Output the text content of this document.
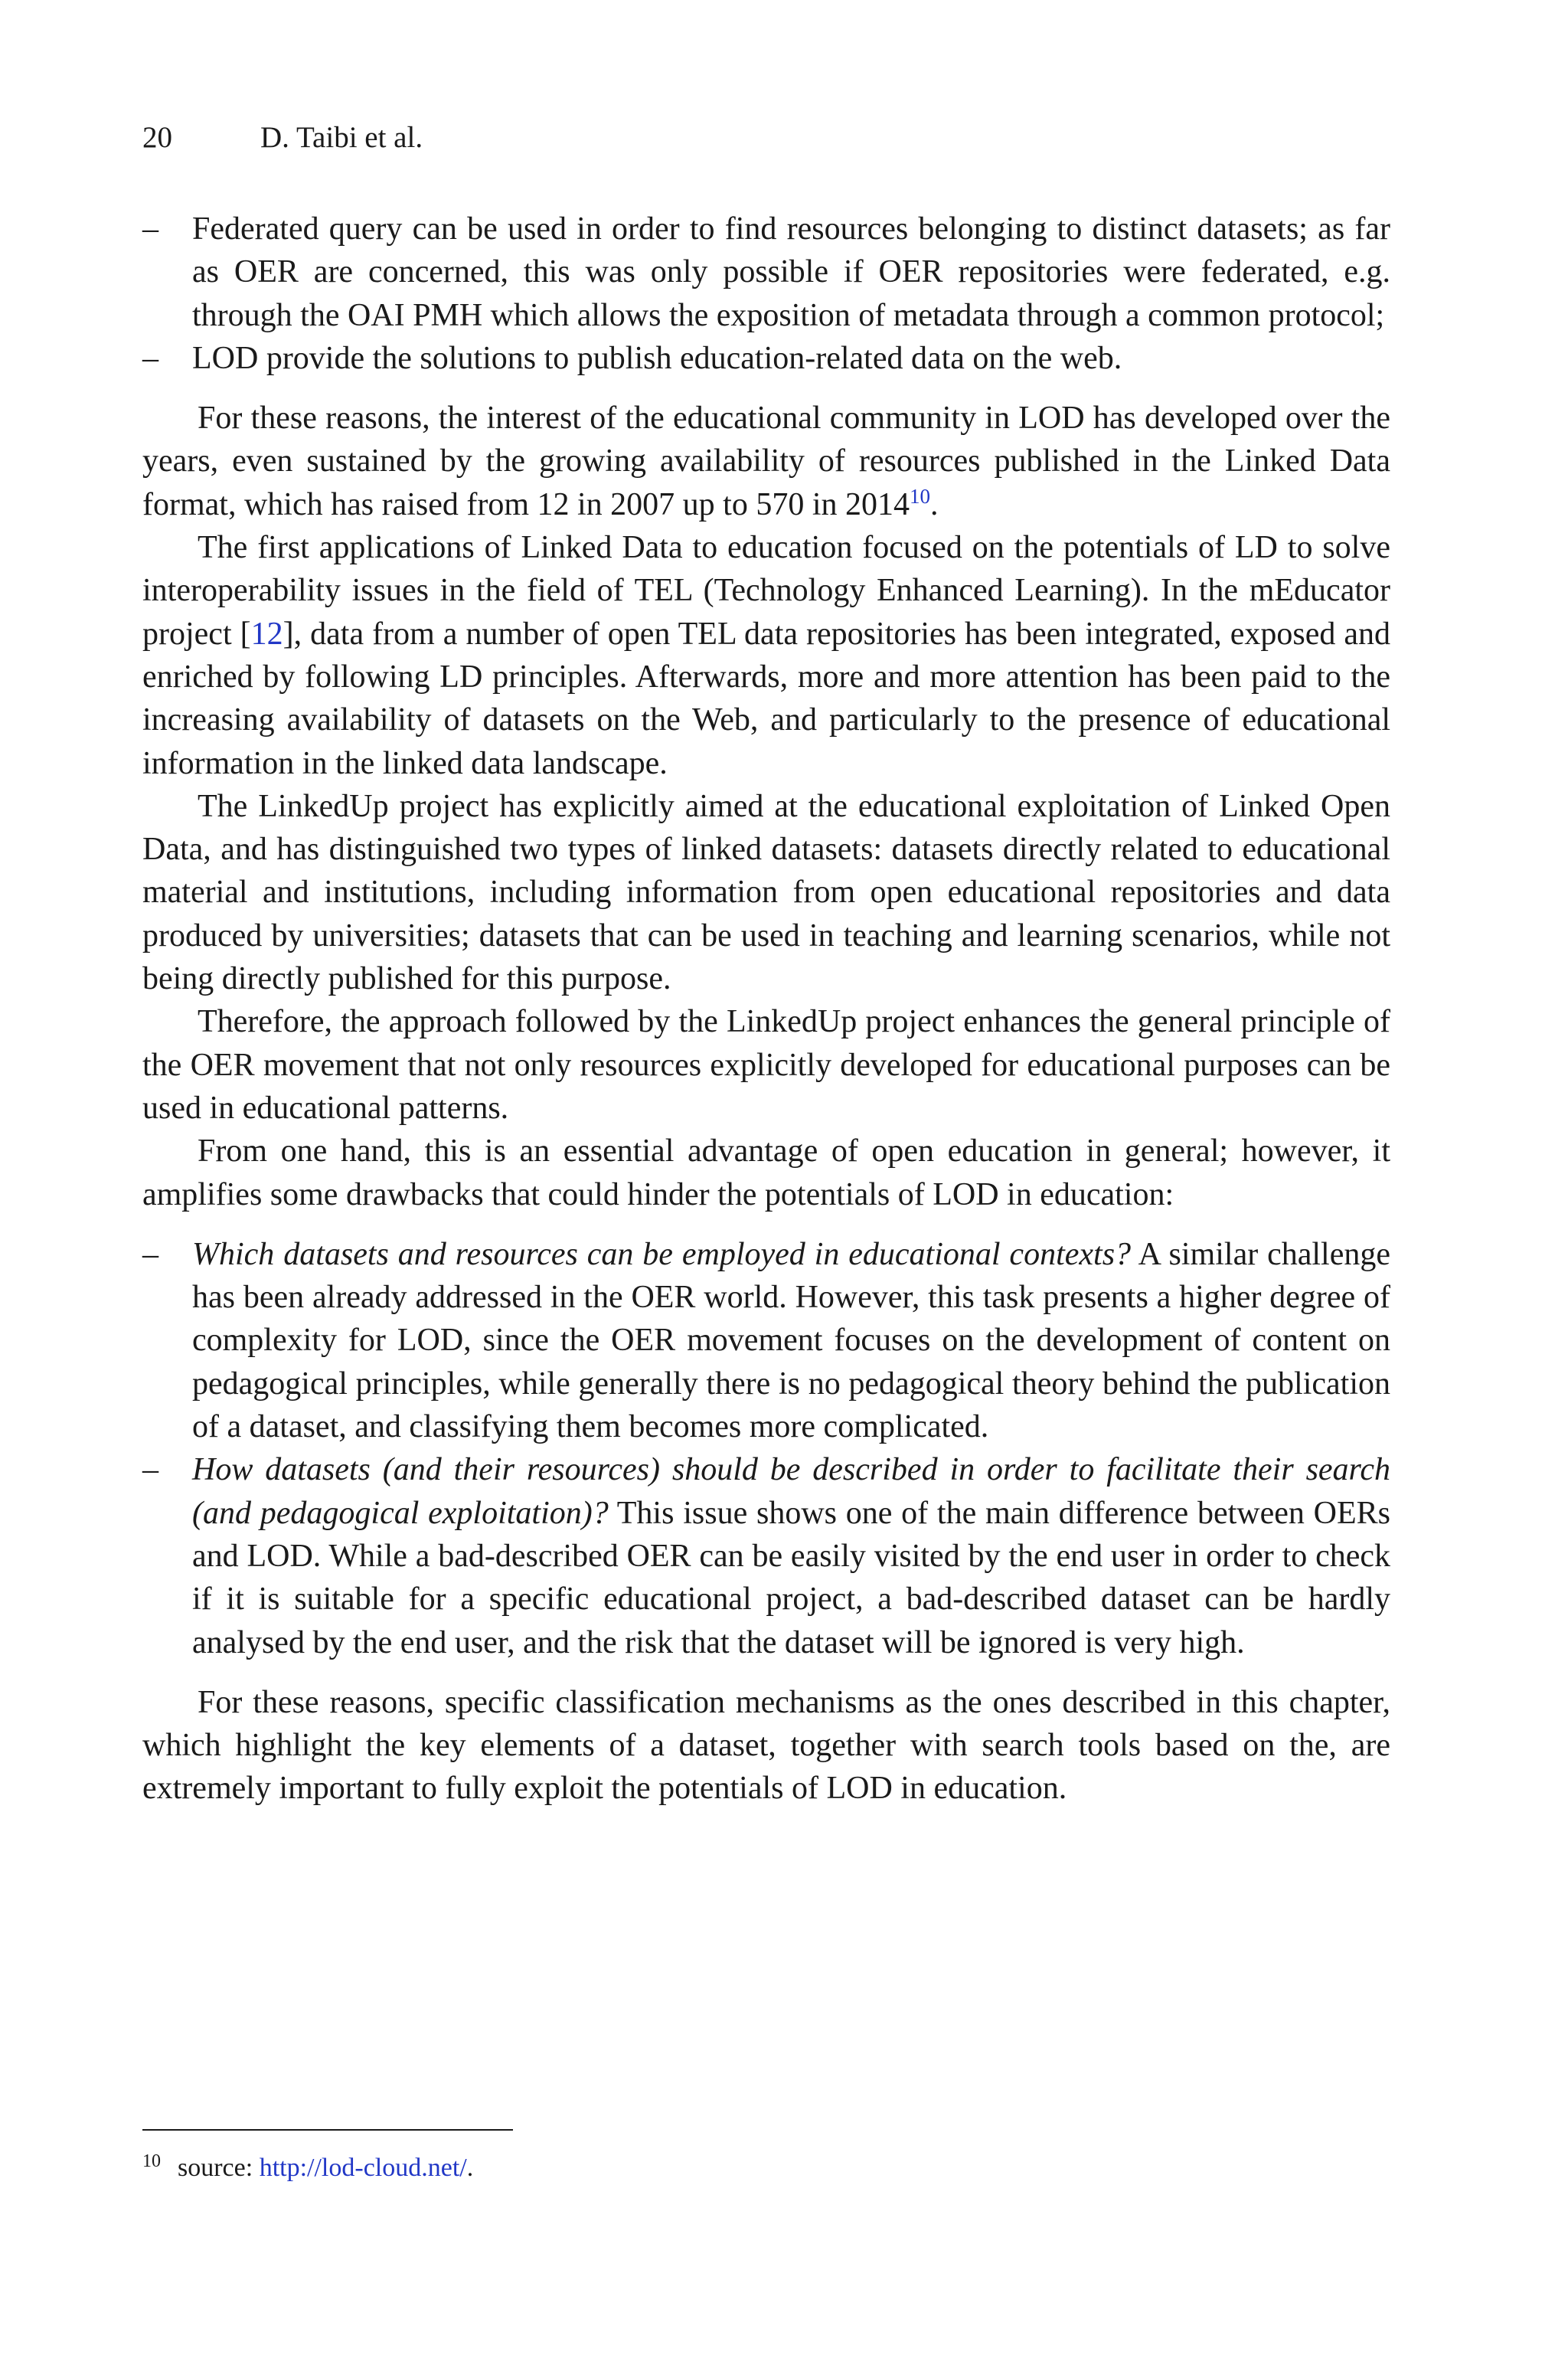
20	D. Taibi et al.
–	Federated query can be used in order to find resources belonging to distinct datasets; as far as OER are concerned, this was only possible if OER repositories were federated, e.g. through the OAI PMH which allows the exposition of metadata through a common protocol;
–	LOD provide the solutions to publish education-related data on the web.

For these reasons, the interest of the educational community in LOD has developed over the years, even sustained by the growing availability of resources published in the Linked Data format, which has raised from 12 in 2007 up to 570 in 2014$^{10}$.

The first applications of Linked Data to education focused on the potentials of LD to solve interoperability issues in the field of TEL (Technology Enhanced Learning). In the mEducator project [12], data from a number of open TEL data repositories has been integrated, exposed and enriched by following LD principles. Afterwards, more and more attention has been paid to the increasing availability of datasets on the Web, and particularly to the presence of educational information in the linked data landscape.

The LinkedUp project has explicitly aimed at the educational exploitation of Linked Open Data, and has distinguished two types of linked datasets: datasets directly related to educational material and institutions, including information from open educational repositories and data produced by universities; datasets that can be used in teaching and learning scenarios, while not being directly published for this purpose.

Therefore, the approach followed by the LinkedUp project enhances the general principle of the OER movement that not only resources explicitly developed for educational purposes can be used in educational patterns.

From one hand, this is an essential advantage of open education in general; however, it amplifies some drawbacks that could hinder the potentials of LOD in education:

–	Which datasets and resources can be employed in educational contexts? A similar challenge has been already addressed in the OER world. However, this task presents a higher degree of complexity for LOD, since the OER movement focuses on the development of content on pedagogical principles, while generally there is no pedagogical theory behind the publication of a dataset, and classifying them becomes more complicated.
–	How datasets (and their resources) should be described in order to facilitate their search (and pedagogical exploitation)? This issue shows one of the main difference between OERs and LOD. While a bad-described OER can be easily visited by the end user in order to check if it is suitable for a specific educational project, a bad-described dataset can be hardly analysed by the end user, and the risk that the dataset will be ignored is very high.

For these reasons, specific classification mechanisms as the ones described in this chapter, which highlight the key elements of a dataset, together with search tools based on the, are extremely important to fully exploit the potentials of LOD in education.

10 source: http://lod-cloud.net/.
